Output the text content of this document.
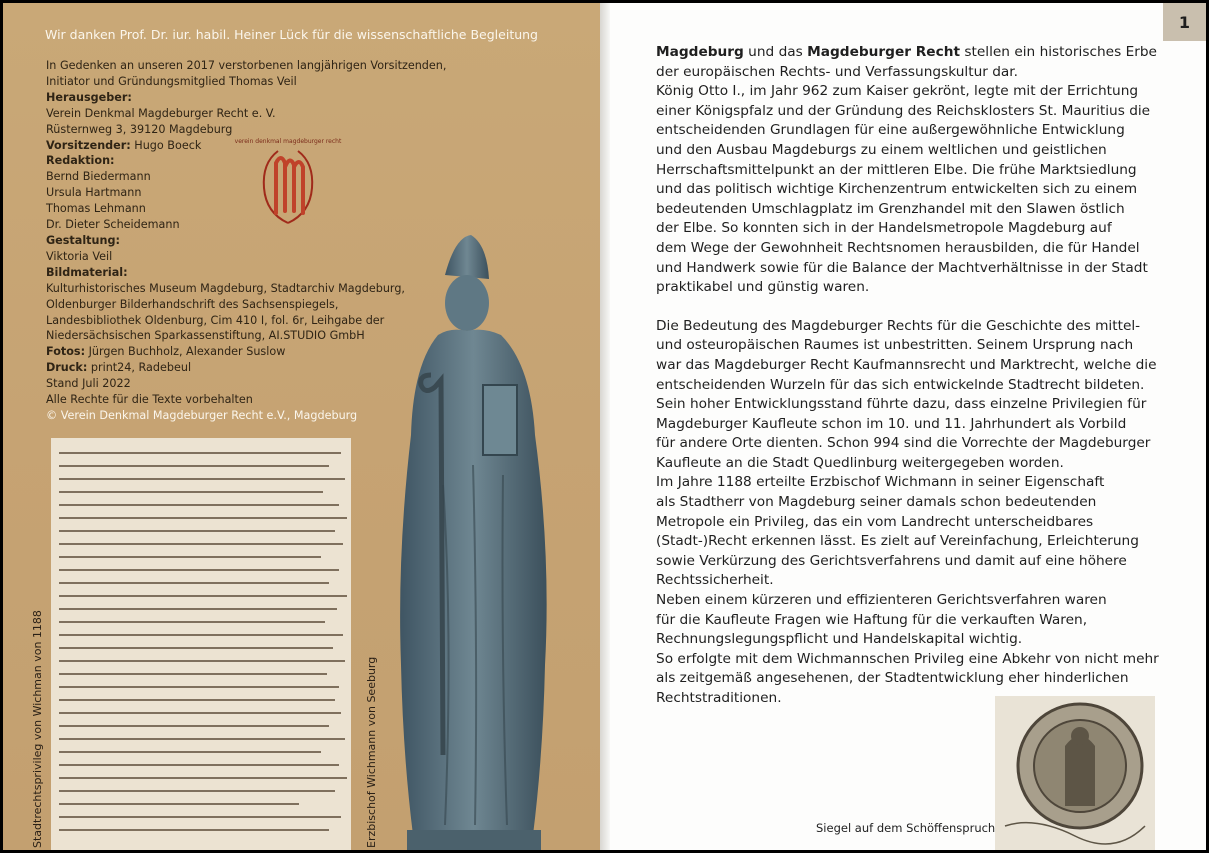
Wir danken Prof. Dr. iur. habil. Heiner Lück für die wissenschaftliche Begleitung
In Gedenken an unseren 2017 verstorbenen langjährigen Vorsitzenden,
Initiator und Gründungsmitglied Thomas Veil
Herausgeber:
Verein Denkmal Magdeburger Recht e. V.
Rüsternweg 3, 39120 Magdeburg
Vorsitzender: Hugo Boeck
Redaktion:
Bernd Biedermann
Ursula Hartmann
Thomas Lehmann
Dr. Dieter Scheidemann
Gestaltung:
Viktoria Veil
Bildmaterial:
Kulturhistorisches Museum Magdeburg, Stadtarchiv Magdeburg,
Oldenburger Bilderhandschrift des Sachsenspiegels,
Landesbibliothek Oldenburg, Cim 410 I, fol. 6r, Leihgabe der
Niedersächsischen Sparkassenstiftung, AI.STUDIO GmbH
Fotos: Jürgen Buchholz, Alexander Suslow
Druck: print24, Radebeul
Stand Juli 2022
Alle Rechte für die Texte vorbehalten
© Verein Denkmal Magdeburger Recht e.V., Magdeburg
verein denkmal magdeburger recht
Stadtrechtsprivileg von Wichman von 1188	Erzbischof Wichmann von Seeburg
1
Magdeburg und das Magdeburger Recht stellen ein historisches Erbe
der europäischen Rechts- und Verfassungskultur dar.
König Otto I., im Jahr 962 zum Kaiser gekrönt, legte mit der Errichtung
einer Königspfalz und der Gründung des Reichsklosters St. Mauritius die
entscheidenden Grundlagen für eine außergewöhnliche Entwicklung
und den Ausbau Magdeburgs zu einem weltlichen und geistlichen
Herrschaftsmittelpunkt an der mittleren Elbe. Die frühe Marktsiedlung
und das politisch wichtige Kirchenzentrum entwickelten sich zu einem
bedeutenden Umschlagplatz im Grenzhandel mit den Slawen östlich
der Elbe. So konnten sich in der Handelsmetropole Magdeburg auf
dem Wege der Gewohnheit Rechtsnomen herausbilden, die für Handel
und Handwerk sowie für die Balance der Machtverhältnisse in der Stadt
praktikabel und günstig waren.
Die Bedeutung des Magdeburger Rechts für die Geschichte des mittel-
und osteuropäischen Raumes ist unbestritten. Seinem Ursprung nach
war das Magdeburger Recht Kaufmannsrecht und Marktrecht, welche die
entscheidenden Wurzeln für das sich entwickelnde Stadtrecht bildeten.
Sein hoher Entwicklungsstand führte dazu, dass einzelne Privilegien für
Magdeburger Kaufleute schon im 10. und 11. Jahrhundert als Vorbild
für andere Orte dienten. Schon 994 sind die Vorrechte der Magdeburger
Kaufleute an die Stadt Quedlinburg weitergegeben worden.
Im Jahre 1188 erteilte Erzbischof Wichmann in seiner Eigenschaft
als Stadtherr von Magdeburg seiner damals schon bedeutenden
Metropole ein Privileg, das ein vom Landrecht unterscheidbares
(Stadt-)Recht erkennen lässt. Es zielt auf Vereinfachung, Erleichterung
sowie Verkürzung des Gerichtsverfahrens und damit auf eine höhere
Rechtssicherheit.
Neben einem kürzeren und effizienteren Gerichtsverfahren waren
für die Kaufleute Fragen wie Haftung für die verkauften Waren,
Rechnungslegungspflicht und Handelskapital wichtig.
So erfolgte mit dem Wichmannschen Privileg eine Abkehr von nicht mehr
als zeitgemäß angesehenen, der Stadtentwicklung eher hinderlichen
Rechtstraditionen.
Siegel auf dem Schöffenspruch
